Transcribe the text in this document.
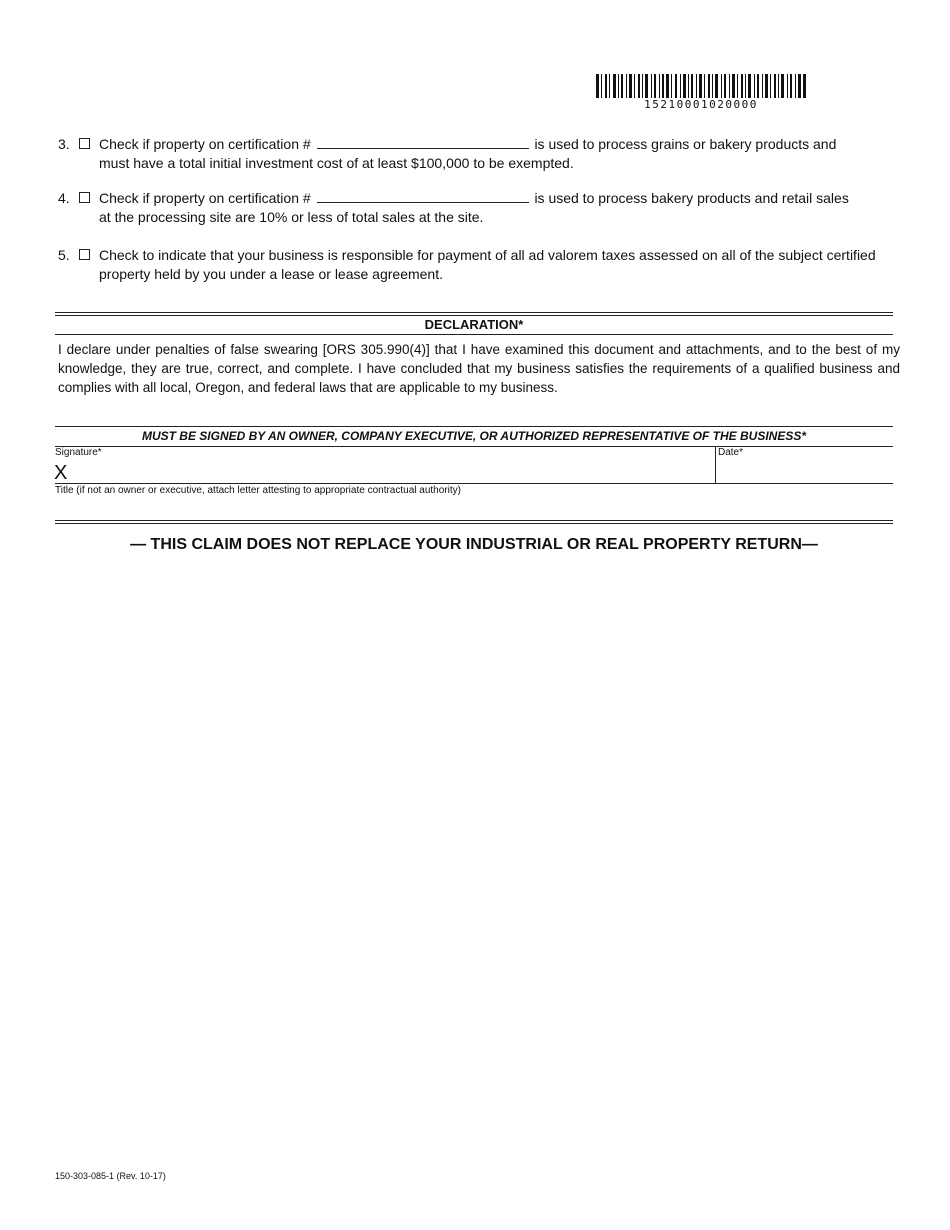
15210001020000
3. Check if property on certification #	is used to process grains or bakery products and
must have a total initial investment cost of at least $100,000 to be exempted.
4. Check if property on certification #	is used to process bakery products and retail sales
at the processing site are 10% or less of total sales at the site.
5. Check to indicate that your business is responsible for payment of all ad valorem taxes assessed on all of the subject certified
property held by you under a lease or lease agreement.
DECLARATION*
I declare under penalties of false swearing [ORS 305.990(4)] that I have examined this document and attachments, and to the best of my knowledge, they are true, correct, and complete. I have concluded that my business satisfies the requirements of a qualified business and complies with all local, Oregon, and federal laws that are applicable to my business.
MUST BE SIGNED BY AN OWNER, COMPANY EXECUTIVE, OR AUTHORIZED REPRESENTATIVE OF THE BUSINESS*
Signature*
X
Date*
Title (if not an owner or executive, attach letter attesting to appropriate contractual authority)
— THIS CLAIM DOES NOT REPLACE YOUR INDUSTRIAL OR REAL PROPERTY RETURN—
150-303-085-1 (Rev. 10-17)
